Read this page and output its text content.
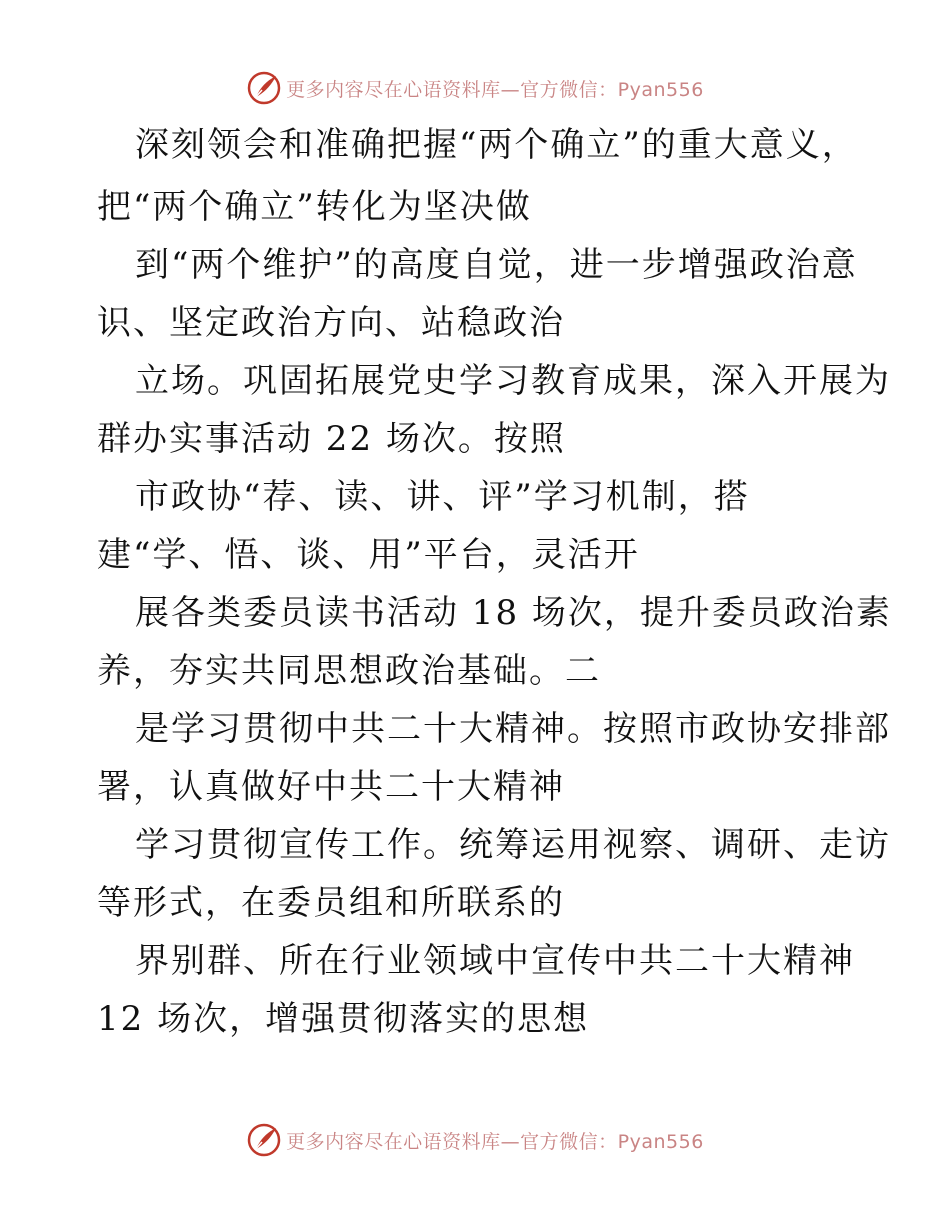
更多内容尽在心语资料库—官方微信：Pyan556
深刻领会和准确把握“两个确立”的重大意义，
把“两个确立”转化为坚决做
到“两个维护”的高度自觉，进一步增强政治意
识、坚定政治方向、站稳政治
立场。巩固拓展党史学习教育成果，深入开展为
群办实事活动 22 场次。按照
市政协“荐、读、讲、评”学习机制，搭
建“学、悟、谈、用”平台，灵活开
展各类委员读书活动 18 场次，提升委员政治素
养，夯实共同思想政治基础。二
是学习贯彻中共二十大精神。按照市政协安排部
署，认真做好中共二十大精神
学习贯彻宣传工作。统筹运用视察、调研、走访
等形式，在委员组和所联系的
界别群、所在行业领域中宣传中共二十大精神
12 场次，增强贯彻落实的思想
更多内容尽在心语资料库—官方微信：Pyan556
